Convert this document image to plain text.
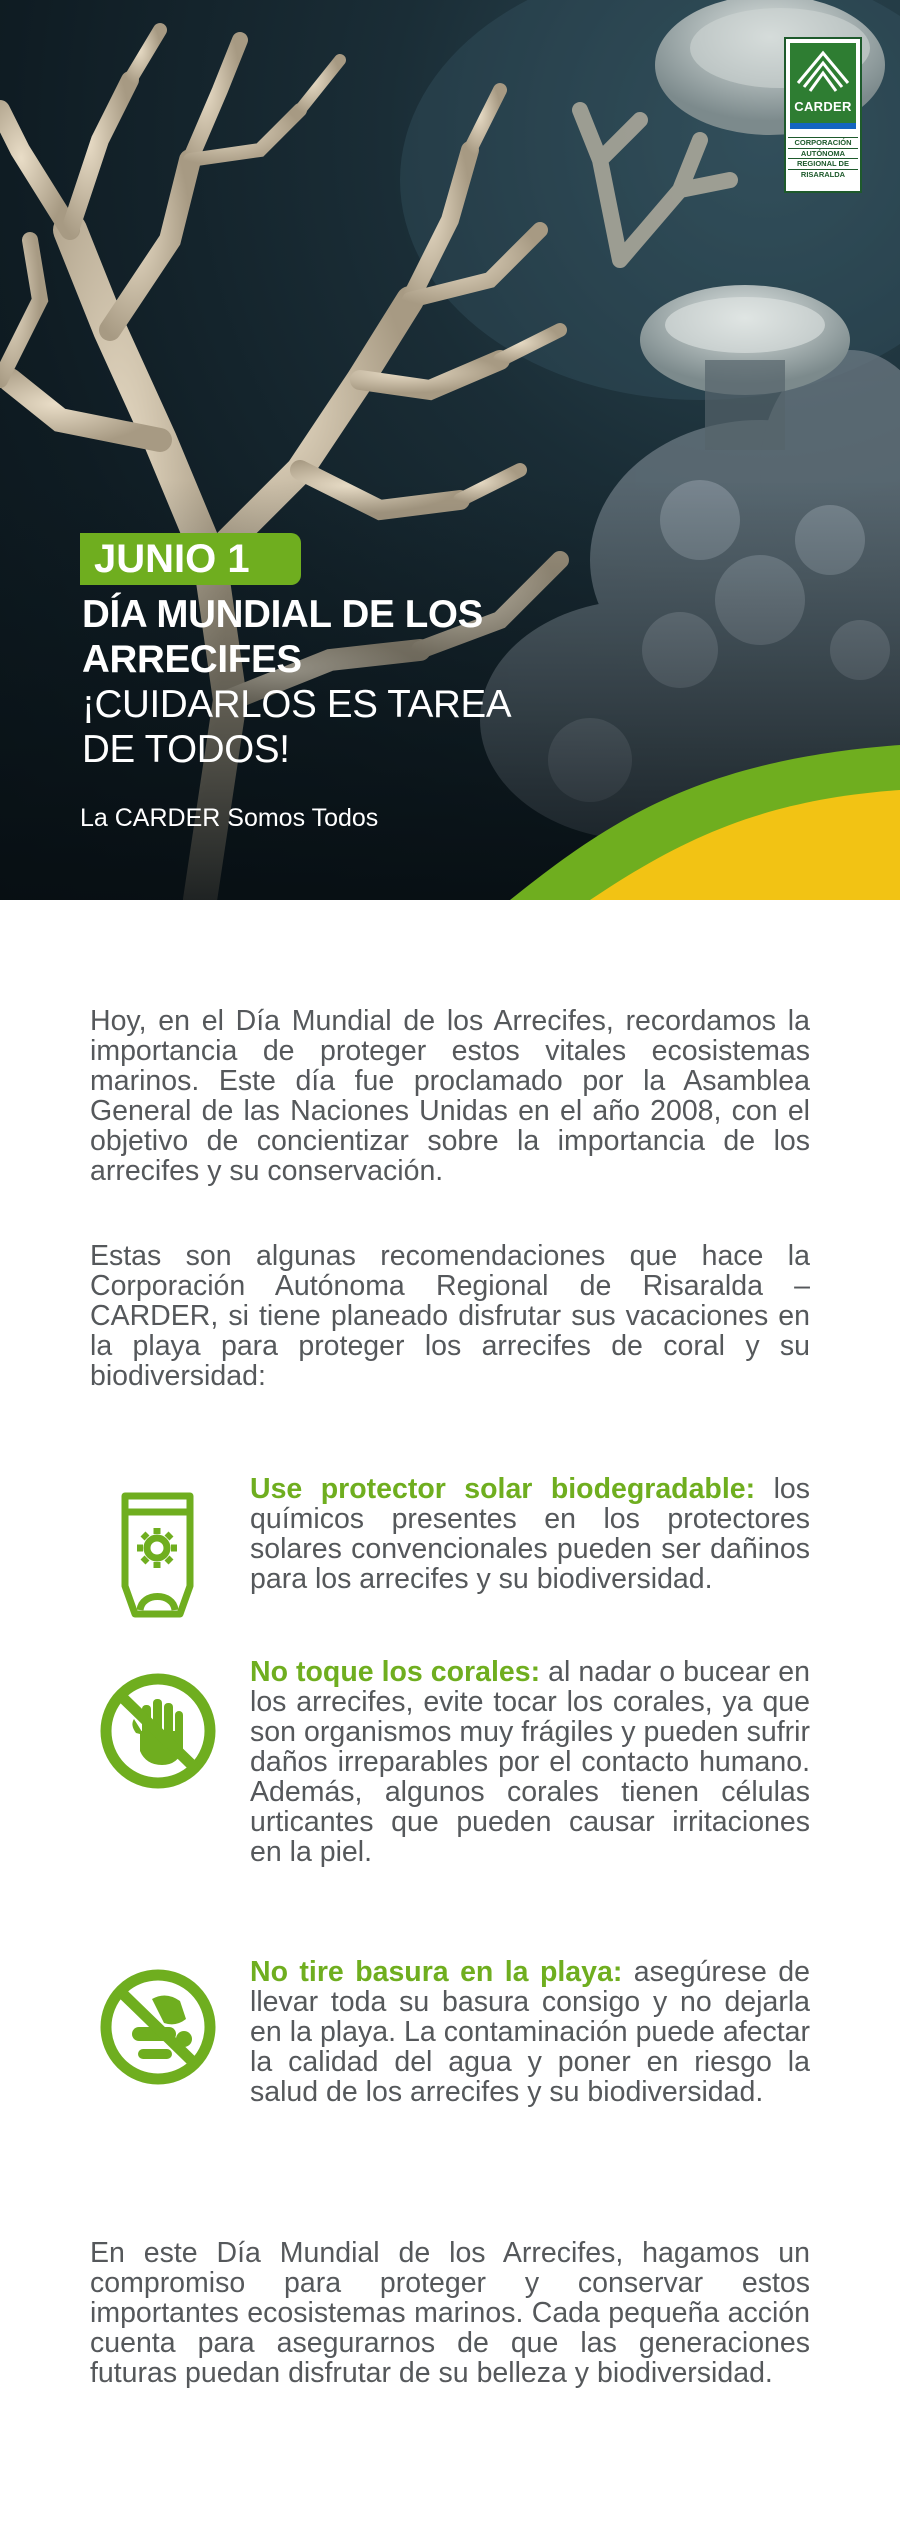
CARDER
CORPORACIÓN
AUTÓNOMA
REGIONAL DE
RISARALDA
JUNIO 1
DÍA MUNDIAL DE LOS ARRECIFES
¡CUIDARLOS ES TAREA DE TODOS!
La CARDER Somos Todos
Hoy, en el Día Mundial de los Arrecifes, recordamos la importancia de proteger estos vitales ecosistemas marinos. Este día fue proclamado por la Asamblea General de las Naciones Unidas en el año 2008, con el objetivo de concientizar sobre la importancia de los arrecifes y su conservación.
Estas son algunas recomendaciones que hace la Corporación Autónoma Regional de Risaralda – CARDER, si tiene planeado disfrutar sus vacaciones en la playa para proteger los arrecifes de coral y su biodiversidad:
Use protector solar biodegradable: los químicos presentes en los protectores solares convencionales pueden ser dañinos para los arrecifes y su biodiversidad.
No toque los corales: al nadar o bucear en los arrecifes, evite tocar los corales, ya que son organismos muy frágiles y pueden sufrir daños irreparables por el contacto humano. Además, algunos corales tienen células urticantes que pueden causar irritaciones en la piel.
No tire basura en la playa: asegúrese de llevar toda su basura consigo y no dejarla en la playa. La contaminación puede afectar la calidad del agua y poner en riesgo la salud de los arrecifes y su biodiversidad.
En este Día Mundial de los Arrecifes, hagamos un compromiso para proteger y conservar estos importantes ecosistemas marinos. Cada pequeña acción cuenta para asegurarnos de que las generaciones futuras puedan disfrutar de su belleza y biodiversidad.
